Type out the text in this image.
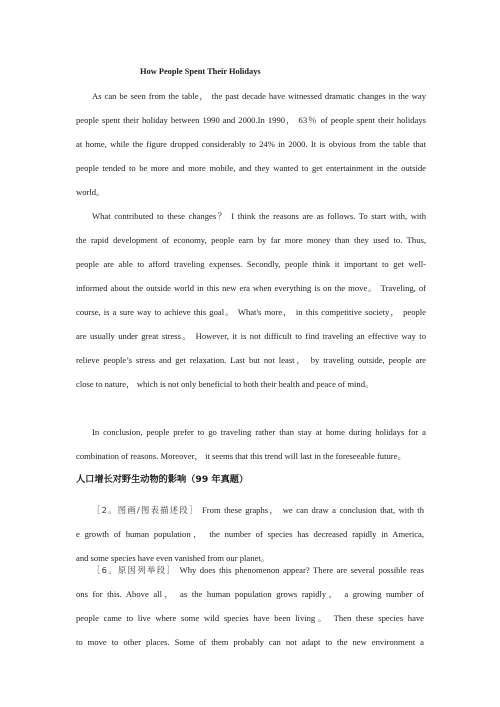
How People Spent Their Holidays

As can be seen from the table， the past decade have witnessed dramatic changes in the way
people spent their holiday between 1990 and 2000.In 1990， 63％ of people spent their holidays
at home, while the figure dropped considerably to 24% in 2000. It is obvious from the table that
people tended to be more and more mobile, and they wanted to get entertainment in the outside
world。

What contributed to these changes？ I think the reasons are as follows. To start with, with
the rapid development of economy, people earn by far more money than they used to. Thus,
people are able to afford traveling expenses. Secondly, people think it important to get well-
informed about the outside world in this new era when everything is on the move。 Traveling, of
course, is a sure way to achieve this goal。 What's more， in this competitive society， people
are usually under great stress。 However, it is not difficult to find traveling an effective way to
relieve people’s stress and get relaxation. Last but not least， by traveling outside, people are
close to nature， which is not only beneficial to both their health and peace of mind。

In conclusion, people prefer to go traveling rather than stay at home during holidays for a
combination of reasons. Moreover， it seems that this trend will last in the foreseeable future。

人口增长对野生动物的影响（99 年真题）

［2。图画/图表描述段］ From these graphs， we can draw a conclusion that, with th
e growth of human population， the number of species has decreased rapidly in America,
and some species have even vanished from our planet。

［6。原因列举段］ Why does this phenomenon appear? There are several possible reas
ons for this. Above all， as the human population grows rapidly， a growing number of
people came to live where some wild species have been living。 Then these species have
to move to other places. Some of them probably can not adapt to the new environment a
